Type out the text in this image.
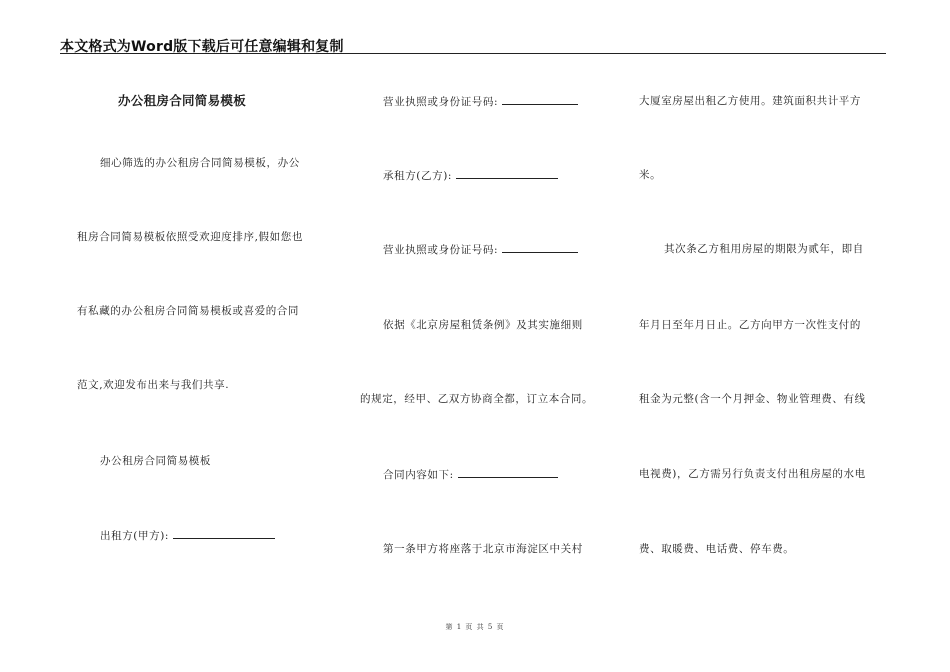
本文格式为Word版下载后可任意编辑和复制
办公租房合同简易模板
细心筛选的办公租房合同简易模板，办公
租房合同简易模板依照受欢迎度排序,假如您也
有私藏的办公租房合同简易模板或喜爱的合同
范文,欢迎发布出来与我们共享.
办公租房合同简易模板
出租方(甲方):
营业执照或身份证号码:
承租方(乙方):
营业执照或身份证号码:
依据《北京房屋租赁条例》及其实施细则
的规定，经甲、乙双方协商全都，订立本合同。
合同内容如下:
第一条甲方将座落于北京市海淀区中关村
大厦室房屋出租乙方使用。建筑面积共计平方
米。
其次条乙方租用房屋的期限为贰年，即自
年月日至年月日止。乙方向甲方一次性支付的
租金为元整(含一个月押金、物业管理费、有线
电视费)，乙方需另行负责支付出租房屋的水电
费、取暖费、电话费、停车费。
第 1 页 共 5 页
